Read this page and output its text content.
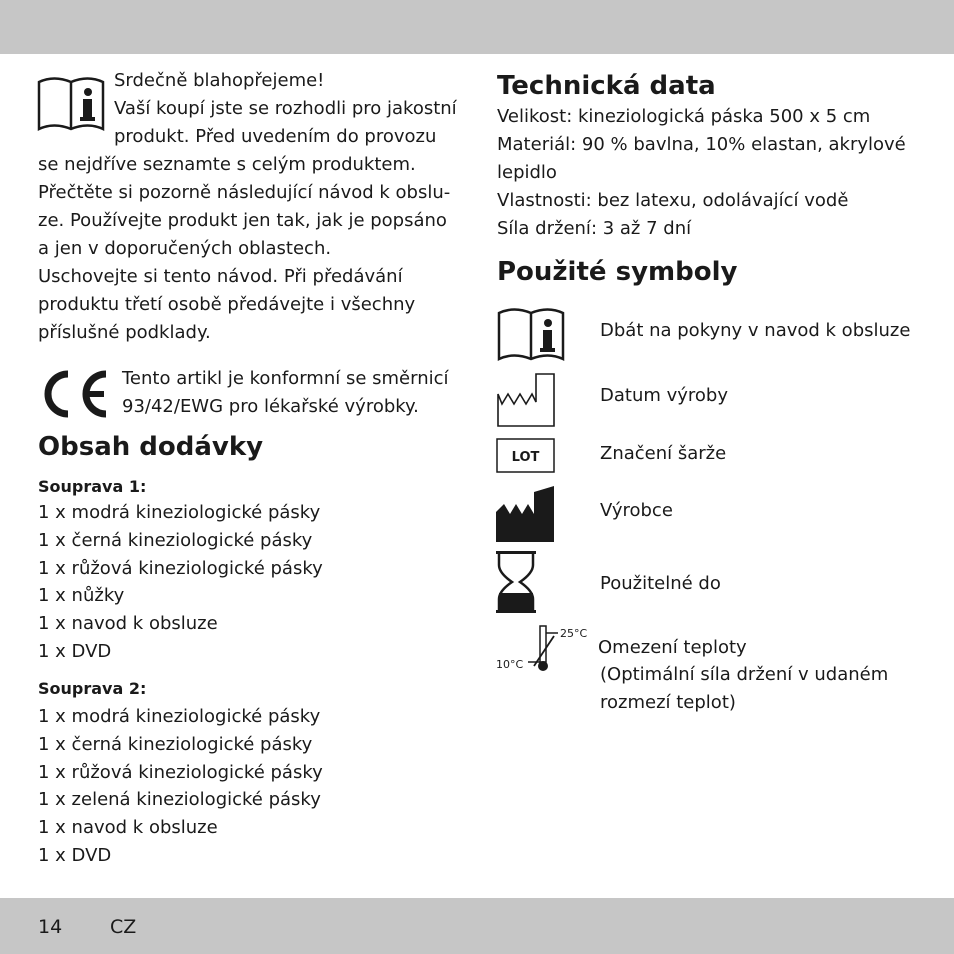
Srdečně blahopřejeme!
Vaší koupí jste se rozhodli pro jakostní
produkt. Před uvedením do provozu
se nejdříve seznamte s celým produktem.
Přečtěte si pozorně následující návod k obslu-
ze. Používejte produkt jen tak, jak je popsáno
a jen v doporučených oblastech.
Uschovejte si tento návod. Při předávání
produktu třetí osobě předávejte i všechny
příslušné podklady.
Tento artikl je konformní se směrnicí
93/42/EWG pro lékařské výrobky.
Obsah dodávky
Souprava 1:
1 x modrá kineziologické pásky
1 x černá kineziologické pásky
1 x růžová kineziologické pásky
1 x nůžky
1 x navod k obsluze
1 x DVD
Souprava 2:
1 x modrá kineziologické pásky
1 x černá kineziologické pásky
1 x růžová kineziologické pásky
1 x zelená kineziologické pásky
1 x navod k obsluze
1 x DVD
Technická data
Velikost: kineziologická páska 500 x 5 cm
Materiál: 90 % bavlna, 10% elastan, akrylové
lepidlo
Vlastnosti: bez latexu, odolávající vodě
Síla držení: 3 až 7 dní
Použité symboly
Dbát na pokyny v navod k obsluze
Datum výroby
LOT	Značení šarže
Výrobce
Použitelné do
25°C
10°C
Omezení teploty
(Optimální síla držení v udaném
rozmezí teplot)
14	CZ
